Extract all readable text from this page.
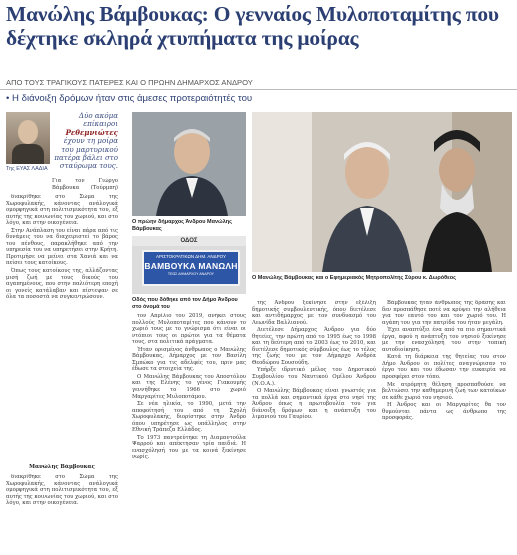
Μανώλης Βάμβουκας: Ο γενναίος Μυλοποταμίτης που δέχτηκε σκληρά χτυπήματα της μοίρας
ΑΠΟ ΤΟΥΣ ΤΡΑΓΙΚΟΥΣ ΠΑΤΕΡΕΣ ΚΑΙ Ο ΠΡΩΗΝ ΔΗΜΑΡΧΟΣ ΑΝΔΡΟΥ
• Η διάνοιξη δρόμων ήταν στις άμεσες προτεραιότητές του
Της ΕΥΑΣ ΛΑΔΙΑ
Δύο ακόμα επίκαιροι Ρεθεμνιώτες έχουν τη μοίρα του μαρτυρικού πατέρα βάλει στο σταύρωμα τους.

Για τον Γιώργο Βάμβουκα (Τούρμπη)

διακρίθηκε στο Σώμα της Χωροφυλακής, κάνοντας ανάλογικά ομορφηγικά στη πολιτισμικότητα του, εξ αυτής της κοινωνίας του χωριού, και στο λόγο, και στην οικογένεια.

Στην Ανάπλαση του είναι πάρα από τις δυνάμεις του να διαχειριστεί το βάρος του πένθους, παρακλήθηκε από την υπηρεσία του να υπηρετήσει στην Κρήτη. Προτιμήσε να μείνει στα Χανιά και να πείσει τους κατοίκους.

Όπως τους κατοίκους της, αλλάζοντας μισή ζωή με τους δικούς του αγαπημένους, που στην παλιότερη εποχή οι γονείς κατάλαβαν και πίστεψαν σε όλα τα ποσοστά να συγκεντρώσουν.

Μανώλης Βάμβουκας

διακρίθηκε στο Σώμα της Χωροφυλακής, κάνοντας ανάλογικά ομορφηγικά στη πολιτισμικότητα του, εξ αυτής της κοινωνίας του χωριού, και στο λόγο, και στην οικογένεια.

Ο πρώην δήμαρχος Άνδρου Μανώλης Βάμβουκας
ΟΔΟΣ
ΑΡΙΣΤΟΚΡΑΤΙΚΩΝ ΔΗΜ. ΑΝΔΡΟΥ
ΒΑΜΒΟΥΚΑ ΜΑΝΩΛΗ
ΤΕΩΣ ΔΗΜΑΡΧΟΥ ΑΝΔΡΟΥ
Οδός που δόθηκε από τον Δήμο Άνδρου στο όνομά του
Ο Μανώλης Βάμβουκας και ο Εφημεριακός Μητροπολίτης Σύρου κ. Δωρόθεος

τον Απρίλιο του 2019, ανήκει στους πολλούς Μυλοποταμίτες που κάνουν το χωριό τους με το γνώρισμα ότι είναι οι ντόπιοι τους οι πρώτοι για τα θέματα τους, στα πολιτικά πράγματα.

Ήταν ορισμένος άνθρωπος ο Μανώλης Βάμβουκας, Δήμαρχος με τον Βασίλη Σμπώκο για τις αδελφές του, πριν μας έδωσε τα στοιχεία της.

Ο Μανώλης Βάμβουκας του Αποστόλου και της Ελένης το γένος Γιακουμής γεννήθηκε το 1966 στο χωριό Μαργαρίτες Μυλοποτάμου.

Σε νέα ηλικία, το 1990, μετά την αποφοίτησή του από τη Σχολή Χωροφυλακής, διορίστηκε στην Άνδρο όπου υπηρέτησε ως υπάλληλος στην Εθνική Τράπεζα Ελλάδος.

Το 1973 παντρεύτηκε τη Διαμαντούλα Ψαρρού και απέκτησαν τρία παιδιά. Η ενασχόλησή του με τα κοινά ξεκίνησε νωρίς.

της Άνδρου ξεκίνησε στην εξέλιξη δημοτικής συμβουλευτικής, όπου διετέλεσε και αντιδήμαρχος με τον συνδυασμό του Λεωνίδα Βαλλιανού.

Διετέλεσε Δήμαρχος Άνδρου για δύο θητείες, την πρώτη από το 1995 έως το 1998 και τη δεύτερη από το 2003 έως το 2010, και διετέλεσε δημοτικός σύμβουλος έως το τέλος της ζωής του με τον Δήμαρχο Ανδρέα Θεοδώρου Σουσούδη.

Υπήρξε ιδρυτικό μέλος του Δημοτικού Συμβουλίου του Ναυτικού Ομίλου Άνδρου (Ν.Ο.Α.).

Ο Μανώλης Βάμβουκας είναι γνωστός για τα πολλά και σημαντικά έργα στο νησί της Άνδρου όπως η πρωτοβουλία του για διάνοιξη δρόμων και η ανάπτυξη του λιμανιού του Γαυρίου.

Βάμβουκας ήταν άνθρωπος της δράσης και δεν προσπάθησε ποτέ να κρύψει την αλήθεια για τον εαυτό του και τον χωριό του. Η αγάπη του για την πατρίδα του ήταν μεγάλη.

Έχει αναπτύξει ένα από τα πιο σημαντικά έργα, αφού η ανάπτυξη του νησιού ξεκίνησε με την ενασχόλησή του στην τοπική αυτοδιοίκηση.

Κατά τη διάρκεια της θητείας του στον Δήμο Άνδρου οι πολίτες αναγνώρισαν το έργο του και του έδωσαν την ευκαιρία να προσφέρει στον τόπο.

Με ατρόμητη θέληση προσπαθούσε να βελτιώσει την καθημερινή ζωή των κατοίκων σε κάθε χωριό του νησιού.

Η Άνδρος και οι Μαργαρίτες θα τον θυμούνται πάντα ως άνθρωπο της προσφοράς.
